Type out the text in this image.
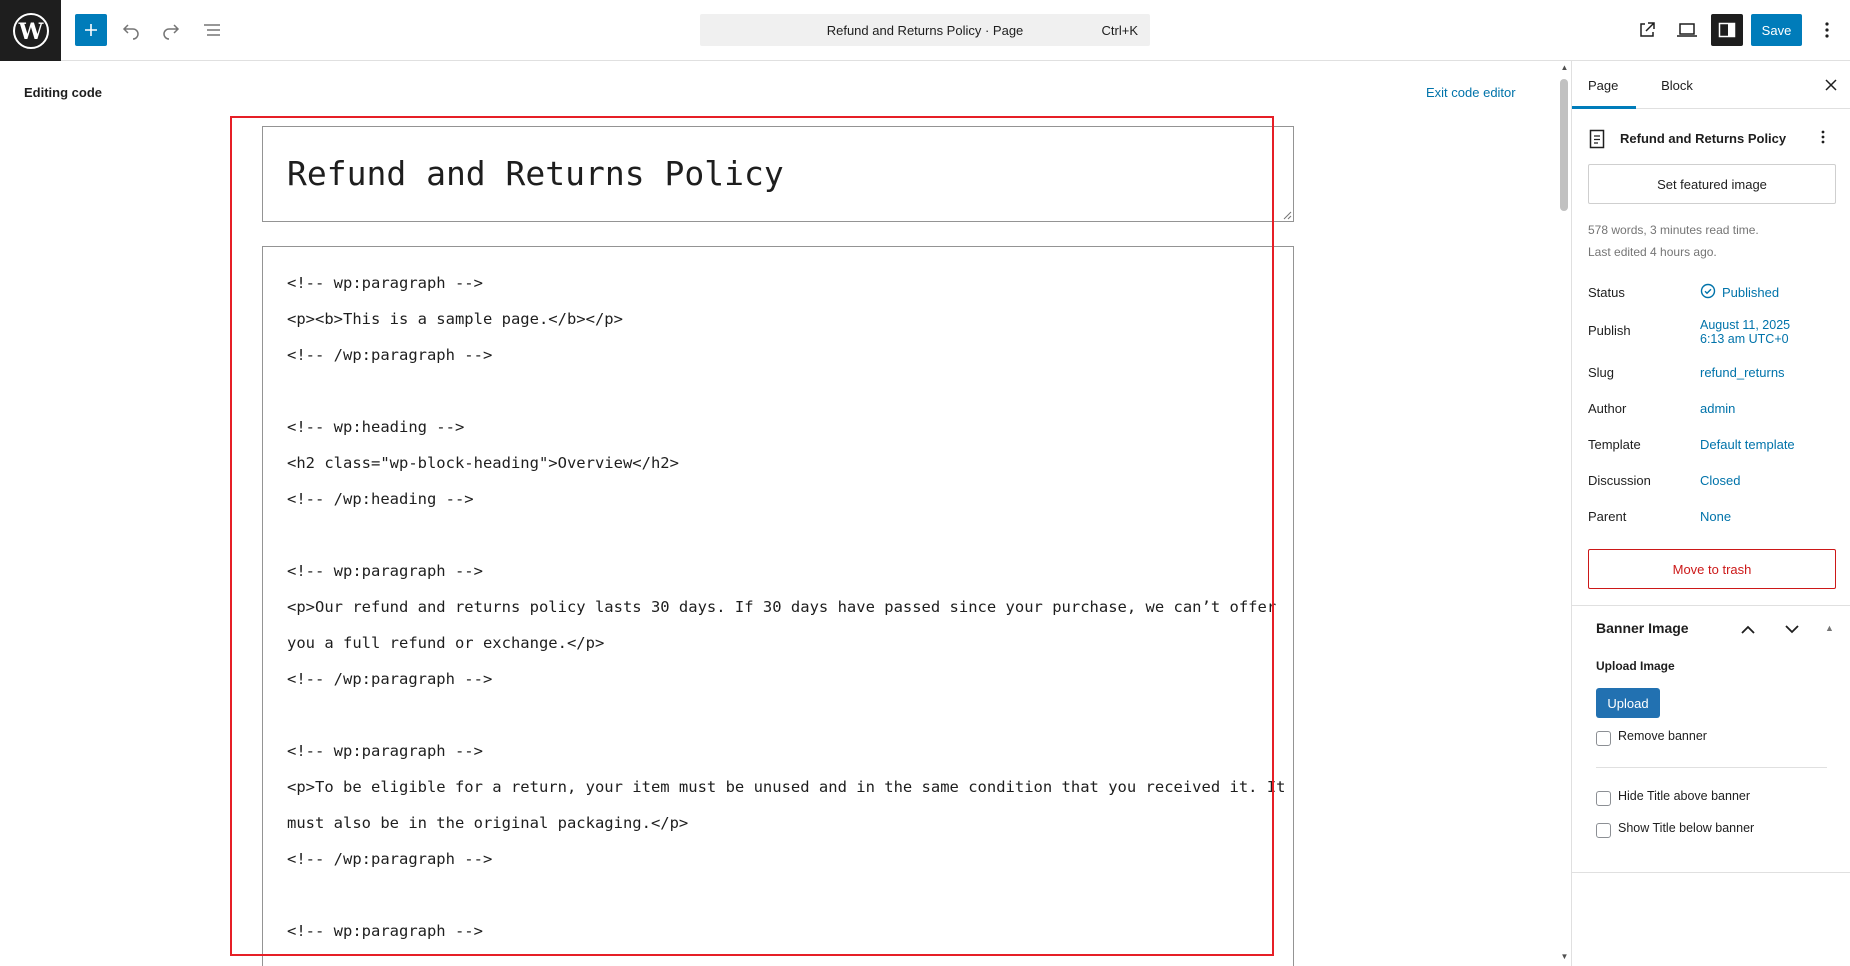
W	Refund and Returns Policy · Page	Ctrl+K	Save
Editing code	Exit code editor
Refund and Returns Policy
<!-- wp:paragraph -->
<p><b>This is a sample page.</b></p>
<!-- /wp:paragraph -->
<!-- wp:heading -->
<h2 class="wp-block-heading">Overview</h2>
<!-- /wp:heading -->
<!-- wp:paragraph -->
<p>Our refund and returns policy lasts 30 days. If 30 days have passed since your purchase, we can’t offer
you a full refund or exchange.</p>
<!-- /wp:paragraph -->
<!-- wp:paragraph -->
<p>To be eligible for a return, your item must be unused and in the same condition that you received it. It
must also be in the original packaging.</p>
<!-- /wp:paragraph -->
<!-- wp:paragraph -->
▲
▼
Page	Block
Refund and Returns Policy
Set featured image
578 words, 3 minutes read time.
Last edited 4 hours ago.
Status	Published
Publish	August 11, 2025
6:13 am UTC+0
Slug	refund_returns
Author	admin
Template	Default template
Discussion	Closed
Parent	None
Move to trash
Banner Image	▲
Upload Image
Upload
Remove banner
Hide Title above banner
Show Title below banner
